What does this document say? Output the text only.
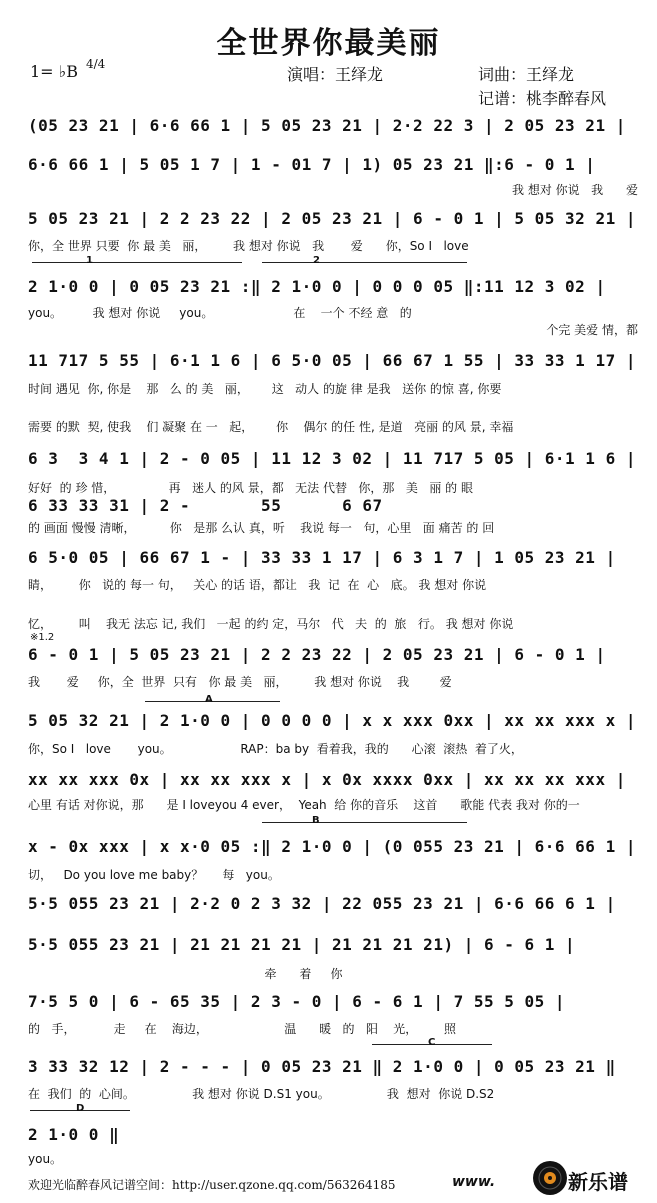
全世界你最美丽
1= ♭B 4/4
演唱：王绎龙	词曲：王绎龙
记谱：桃李醉春风
(05 23 21 | 6·6 66 1 | 5 05 23 21 | 2·2 22 3 | 2 05 23 21 |
6·6 66 1 | 5 05 1 7 | 1 - 01 7 | 1) 05 23 21 ‖:6 - 0 1 |
我 想对 你说   我      爱
5 05 23 21 | 2 2 23 22 | 2 05 23 21 | 6 - 0 1 | 5 05 32 21 |
你，全 世界 只要  你 最 美   丽，       我 想对 你说   我       爱      你，So I   love
1	2
2 1·0 0 | 0 05 23 21 :‖ 2 1·0 0 | 0 0 0 05 ‖:11 12 3 02 |
you。        我 想对 你说     you。                     在    一个 不经 意   的
个完 美爱 情，都
11 717 5 55 | 6·1 1 6 | 6 5·0 05 | 66 67 1 55 | 33 33 1 17 |
时间 遇见  你, 你是    那   么 的 美   丽，      这   动人 的旋 律 是我   送你 的惊 喜, 你要
需要 的默  契, 使我    们 凝聚 在 一   起，      你    偶尔 的任 性, 是道   亮丽 的风 景, 幸福
6 3  3 4 1 | 2 - 0 05 | 11 12 3 02 | 11 717 5 05 | 6·1 1 6 |
好好  的 珍 惜，              再   迷人 的风 景，都   无法 代替   你，那   美   丽 的 眼
6 33 33 31 | 2 -       55      6 67
的 画面 慢慢 清晰，         你   是那 么认 真，听    我说 每一   句，心里   面 痛苦 的 回
6 5·0 05 | 66 67 1 - | 33 33 1 17 | 6 3 1 7 | 1 05 23 21 |
睛，       你   说的 每一 句，   关心 的话 语，都让   我  记  在  心   底。 我 想对 你说
忆，       叫    我无 法忘 记, 我们   一起 的约 定，马尔   代   夫  的  旅   行。 我 想对 你说
※1.2
6 - 0 1 | 5 05 23 21 | 2 2 23 22 | 2 05 23 21 | 6 - 0 1 |
我       爱     你，全  世界  只有   你 最 美   丽，       我 想对 你说    我        爱
A
5 05 32 21 | 2 1·0 0 | 0 0 0 0 | x x xxx 0xx | xx xx xxx x |
你，So I   love       you。                  RAP：ba by  看着我，我的      心滚  滚热  着了火，
xx xx xxx 0x | xx xx xxx x | x 0x xxxx 0xx | xx xx xx xxx |
心里 有话 对你说，那      是 I loveyou 4 ever，  Yeah  给 你的音乐    这首      歌能 代表 我对 你的一
B
x - 0x xxx | x x·0 05 :‖ 2 1·0 0 | (0 055 23 21 | 6·6 66 1 |
切，   Do you love me baby？     每   you。
5·5 055 23 21 | 2·2 0 2 3 32 | 22 055 23 21 | 6·6 66 6 1 |
5·5 055 23 21 | 21 21 21 21 | 21 21 21 21) | 6 - 6 1 |
牵      着     你
7·5 5 0 | 6 - 65 35 | 2 3 - 0 | 6 - 6 1 | 7 55 5 05 |
的   手，          走     在    海边，                    温      暖   的   阳    光，       照
C
3 33 32 12 | 2 - - - | 0 05 23 21 ‖ 2 1·0 0 | 0 05 23 21 ‖
在  我们  的  心间。               我 想对 你说 D.S1 you。               我  想对  你说 D.S2
D
2 1·0 0 ‖
you。
欢迎光临醉春风记谱空间：http://user.qzone.qq.com/563264185	www.	新乐谱
